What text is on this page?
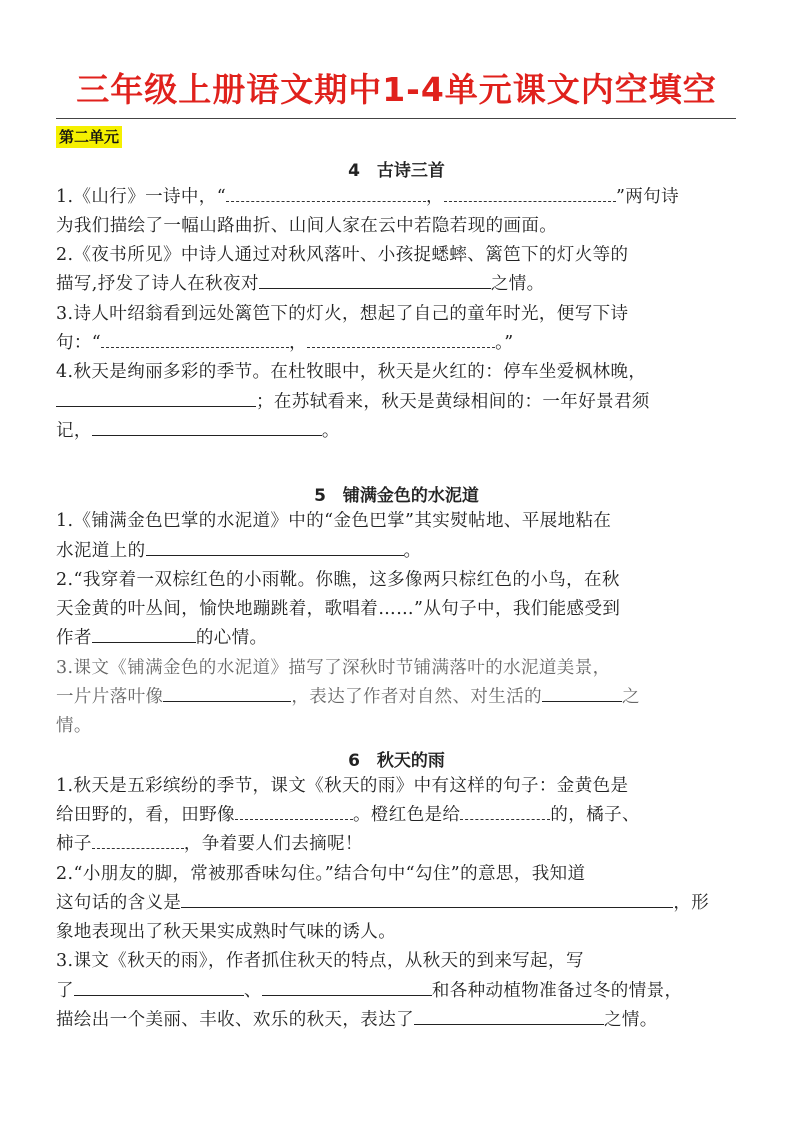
三年级上册语文期中1-4单元课文内空填空
第二单元
4　古诗三首
1.《山行》一诗中，“	，	”两句诗
为我们描绘了一幅山路曲折、山间人家在云中若隐若现的画面。
2.《夜书所见》中诗人通过对秋风落叶、小孩捉蟋蟀、篱笆下的灯火等的
描写,抒发了诗人在秋夜对	之情。
3.诗人叶绍翁看到远处篱笆下的灯火，想起了自己的童年时光，便写下诗
句：“	，	。”
4.秋天是绚丽多彩的季节。在杜牧眼中，秋天是火红的：停车坐爱枫林晚，
；在苏轼看来，秋天是黄绿相间的：一年好景君须
记，	。
5　铺满金色的水泥道
1.《铺满金色巴掌的水泥道》中的“金色巴掌”其实熨帖地、平展地粘在
水泥道上的	。
2.“我穿着一双棕红色的小雨靴。你瞧，这多像两只棕红色的小鸟，在秋
天金黄的叶丛间，愉快地蹦跳着，歌唱着……”从句子中，我们能感受到
作者	的心情。
3.课文《铺满金色的水泥道》描写了深秋时节铺满落叶的水泥道美景，
一片片落叶像	，表达了作者对自然、对生活的	之
情。
6　秋天的雨
1.秋天是五彩缤纷的季节，课文《秋天的雨》中有这样的句子：金黄色是
给田野的，看，田野像	。橙红色是给	的，橘子、
柿子	，争着要人们去摘呢！
2.“小朋友的脚，常被那香味勾住。”结合句中“勾住”的意思，我知道
这句话的含义是	，形
象地表现出了秋天果实成熟时气味的诱人。
3.课文《秋天的雨》，作者抓住秋天的特点，从秋天的到来写起，写
了	、	和各种动植物准备过冬的情景，
描绘出一个美丽、丰收、欢乐的秋天，表达了	之情。
